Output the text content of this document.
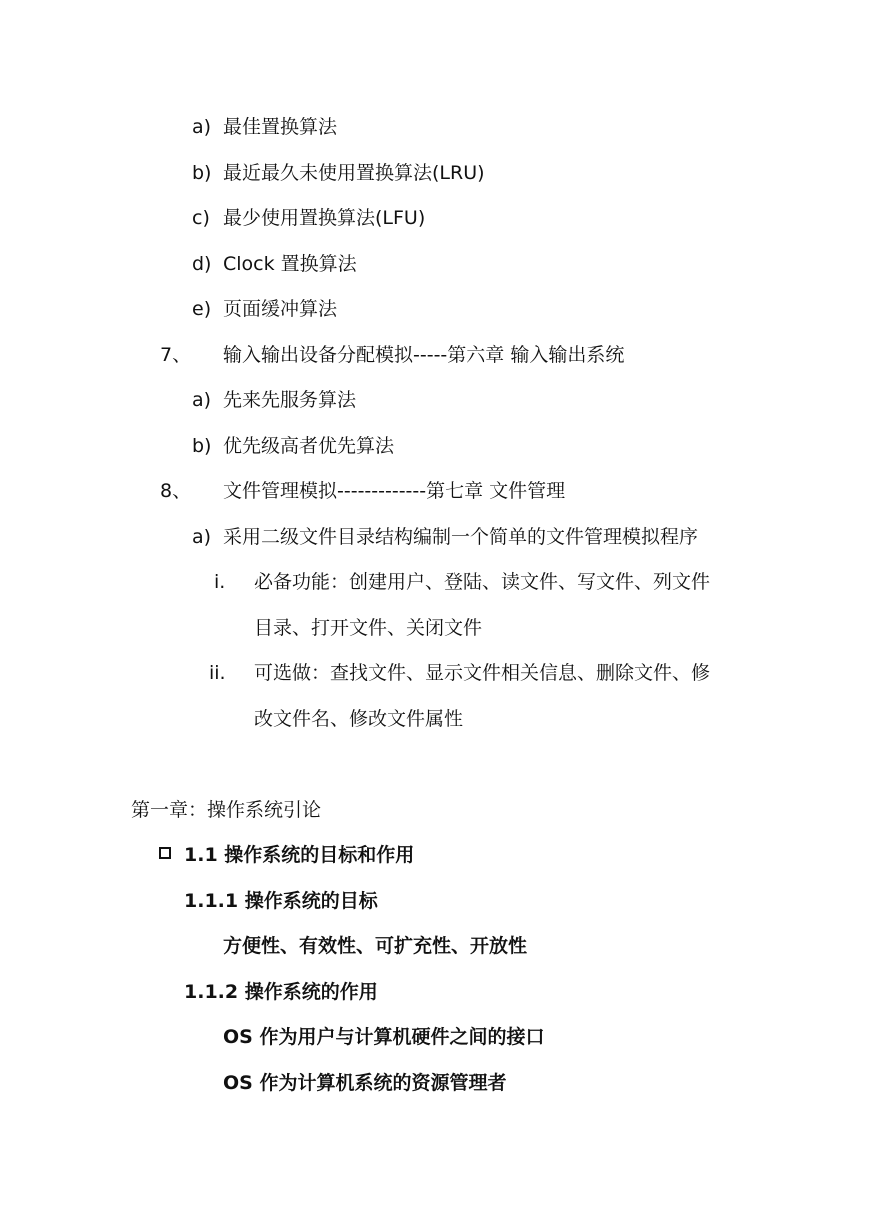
a) 最佳置换算法
b) 最近最久未使用置换算法(LRU)
c) 最少使用置换算法(LFU)
d) Clock 置换算法
e) 页面缓冲算法
7、 输入输出设备分配模拟-----第六章 输入输出系统
a) 先来先服务算法
b) 优先级高者优先算法
8、 文件管理模拟-------------第七章 文件管理
a) 采用二级文件目录结构编制一个简单的文件管理模拟程序
i. 必备功能：创建用户、登陆、读文件、写文件、列文件
目录、打开文件、关闭文件
ii. 可选做：查找文件、显示文件相关信息、删除文件、修
改文件名、修改文件属性
第一章：操作系统引论
1.1 操作系统的目标和作用
1.1.1 操作系统的目标
方便性、有效性、可扩充性、开放性
1.1.2 操作系统的作用
OS 作为用户与计算机硬件之间的接口
OS 作为计算机系统的资源管理者
